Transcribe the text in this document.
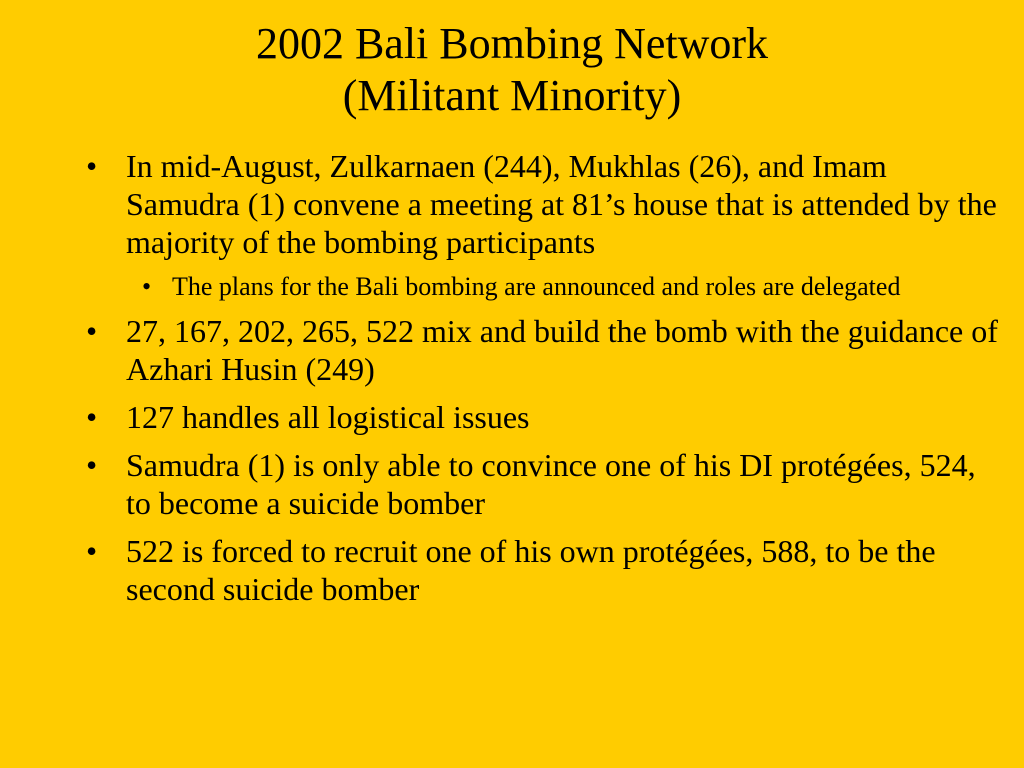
2002 Bali Bombing Network
(Militant Minority)
• In mid-August, Zulkarnaen (244), Mukhlas (26), and Imam Samudra (1) convene a meeting at 81’s house that is attended by the majority of the bombing participants
• The plans for the Bali bombing are announced and roles are delegated
• 27, 167, 202, 265, 522 mix and build the bomb with the guidance of Azhari Husin (249)
• 127 handles all logistical issues
• Samudra (1) is only able to convince one of his DI protégées, 524, to become a suicide bomber
• 522 is forced to recruit one of his own protégées, 588, to be the second suicide bomber
